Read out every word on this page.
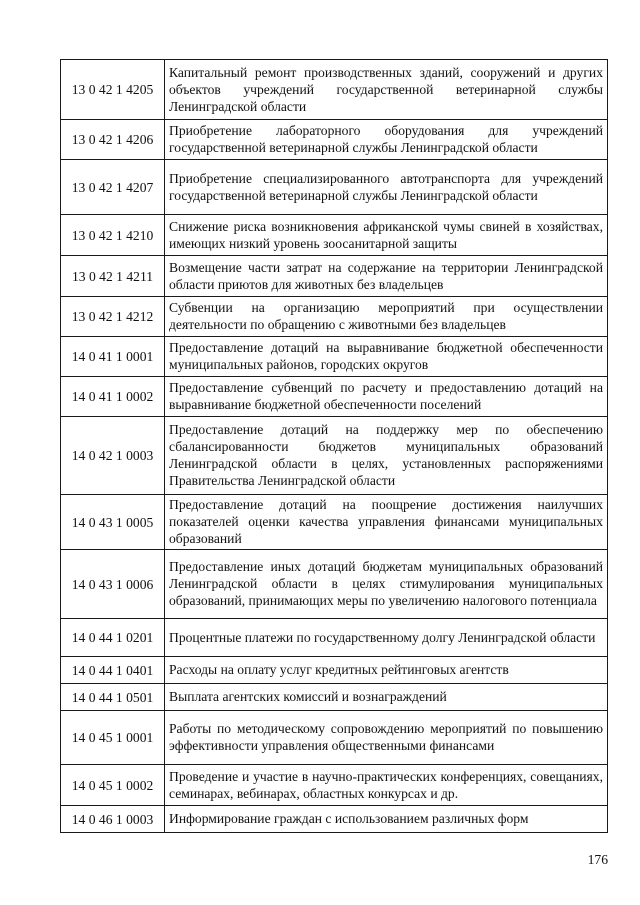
13 0 42 1 4205	Капитальный ремонт производственных зданий, сооружений и других объектов учреждений государственной ветеринарной службы Ленинградской области
13 0 42 1 4206	Приобретение лабораторного оборудования для учреждений государственной ветеринарной службы Ленинградской области
13 0 42 1 4207	Приобретение специализированного автотранспорта для учреждений государственной ветеринарной службы Ленинградской области
13 0 42 1 4210	Снижение риска возникновения африканской чумы свиней в хозяйствах, имеющих низкий уровень зоосанитарной защиты
13 0 42 1 4211	Возмещение части затрат на содержание на территории Ленинградской области приютов для животных без владельцев
13 0 42 1 4212	Субвенции на организацию мероприятий при осуществлении деятельности по обращению с животными без владельцев
14 0 41 1 0001	Предоставление дотаций на выравнивание бюджетной обеспеченности муниципальных районов, городских округов
14 0 41 1 0002	Предоставление субвенций по расчету и предоставлению дотаций на выравнивание бюджетной обеспеченности поселений
14 0 42 1 0003	Предоставление дотаций на поддержку мер по обеспечению сбалансированности бюджетов муниципальных образований Ленинградской области в целях, установленных распоряжениями Правительства Ленинградской области
14 0 43 1 0005	Предоставление дотаций на поощрение достижения наилучших показателей оценки качества управления финансами муниципальных образований
14 0 43 1 0006	Предоставление иных дотаций бюджетам муниципальных образований Ленинградской области в целях стимулирования муниципальных образований, принимающих меры по увеличению налогового потенциала
14 0 44 1 0201	Процентные платежи по государственному долгу Ленинградской области
14 0 44 1 0401	Расходы на оплату услуг кредитных рейтинговых агентств
14 0 44 1 0501	Выплата агентских комиссий и вознаграждений
14 0 45 1 0001	Работы по методическому сопровождению мероприятий по повышению эффективности управления общественными финансами
14 0 45 1 0002	Проведение и участие в научно-практических конференциях, совещаниях, семинарах, вебинарах, областных конкурсах и др.
14 0 46 1 0003	Информирование граждан с использованием различных форм
176
